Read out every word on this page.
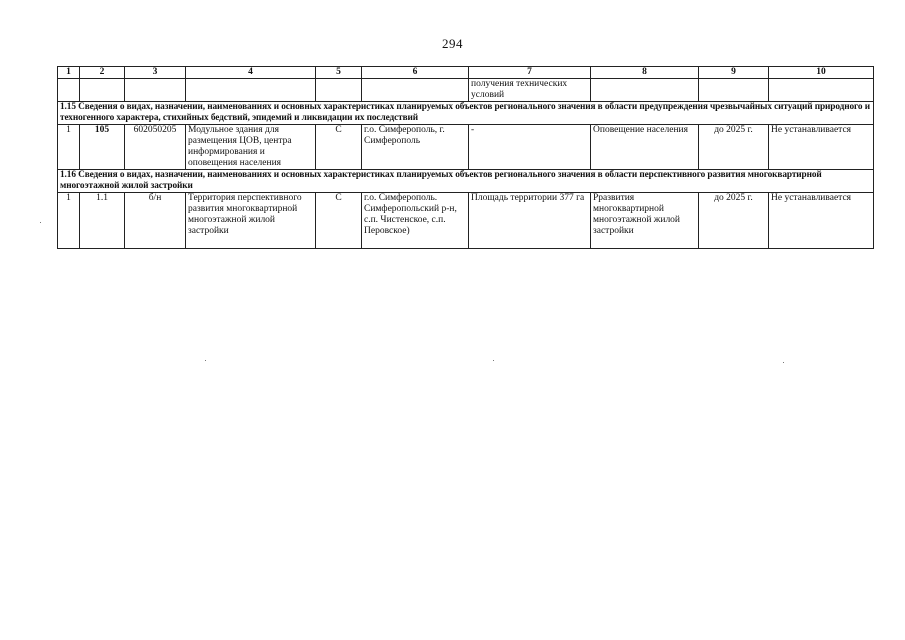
294
1	2	3	4	5	6	7	8	9	10
						получения технических условий			
1.15 Сведения о видах, назначении, наименованиях и основных характеристиках планируемых объектов регионального значения в области предупреждения чрезвычайных ситуаций природного и техногенного характера, стихийных бедствий, эпидемий и ликвидации их последствий									
1	105	602050205	Модульное здания для размещения ЦОВ, центра информирования и оповещения населения	С	г.о. Симферополь, г. Симферополь	-	Оповещение населения	до 2025 г.	Не устанавливается
1.16 Сведения о видах, назначении, наименованиях и основных характеристиках планируемых объектов регионального значения в области перспективного развития многоквартирной многоэтажной жилой застройки									
1	1.1	б/н	Территория перспективного развития многоквартирной многоэтажной жилой застройки	С	г.о. Симферополь. Симферопольский р-н, с.п. Чистенское, с.п. Перовское)	Площадь территории 377 га	Рразвития многоквартирной многоэтажной жилой застройки	до 2025 г.	Не устанавливается
